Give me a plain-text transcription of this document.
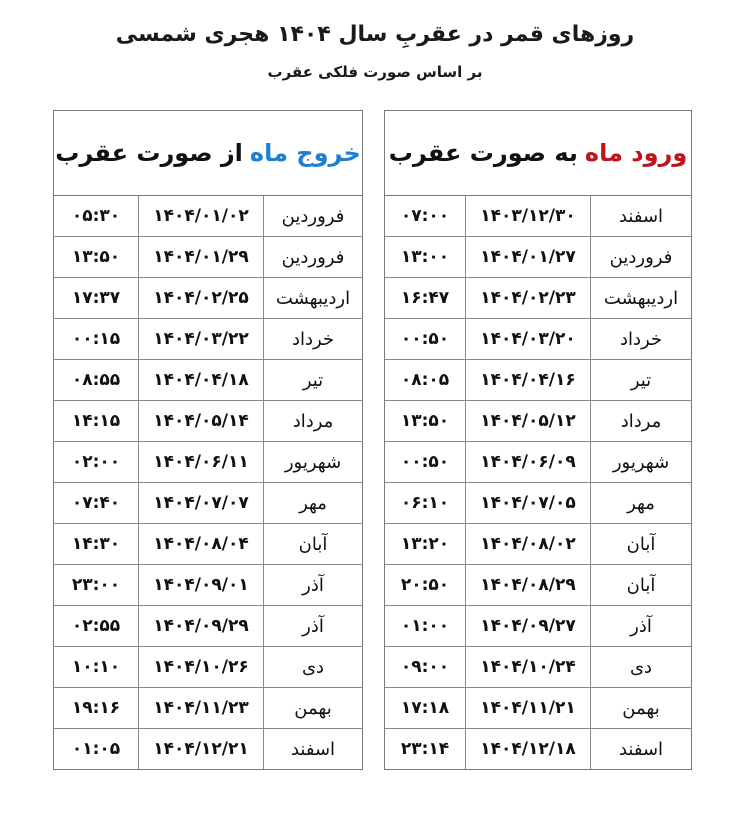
روزهای قمر در عقربِ سال ۱۴۰۴ هجری شمسی
بر اساس صورت فلکی عقرب
خروج ماه
از صورت عقرب
۰۵:۳۰	۱۴۰۴/۰۱/۰۲	فروردین
۱۳:۵۰	۱۴۰۴/۰۱/۲۹	فروردین
۱۷:۳۷	۱۴۰۴/۰۲/۲۵	اردیبهشت
۰۰:۱۵	۱۴۰۴/۰۳/۲۲	خرداد
۰۸:۵۵	۱۴۰۴/۰۴/۱۸	تیر
۱۴:۱۵	۱۴۰۴/۰۵/۱۴	مرداد
۰۲:۰۰	۱۴۰۴/۰۶/۱۱	شهریور
۰۷:۴۰	۱۴۰۴/۰۷/۰۷	مهر
۱۴:۳۰	۱۴۰۴/۰۸/۰۴	آبان
۲۳:۰۰	۱۴۰۴/۰۹/۰۱	آذر
۰۲:۵۵	۱۴۰۴/۰۹/۲۹	آذر
۱۰:۱۰	۱۴۰۴/۱۰/۲۶	دی
۱۹:۱۶	۱۴۰۴/۱۱/۲۳	بهمن
۰۱:۰۵	۱۴۰۴/۱۲/۲۱	اسفند
ورود ماه
به صورت عقرب
۰۷:۰۰	۱۴۰۳/۱۲/۳۰	اسفند
۱۳:۰۰	۱۴۰۴/۰۱/۲۷	فروردین
۱۶:۴۷	۱۴۰۴/۰۲/۲۳	اردیبهشت
۰۰:۵۰	۱۴۰۴/۰۳/۲۰	خرداد
۰۸:۰۵	۱۴۰۴/۰۴/۱۶	تیر
۱۳:۵۰	۱۴۰۴/۰۵/۱۲	مرداد
۰۰:۵۰	۱۴۰۴/۰۶/۰۹	شهریور
۰۶:۱۰	۱۴۰۴/۰۷/۰۵	مهر
۱۳:۲۰	۱۴۰۴/۰۸/۰۲	آبان
۲۰:۵۰	۱۴۰۴/۰۸/۲۹	آبان
۰۱:۰۰	۱۴۰۴/۰۹/۲۷	آذر
۰۹:۰۰	۱۴۰۴/۱۰/۲۴	دی
۱۷:۱۸	۱۴۰۴/۱۱/۲۱	بهمن
۲۳:۱۴	۱۴۰۴/۱۲/۱۸	اسفند
